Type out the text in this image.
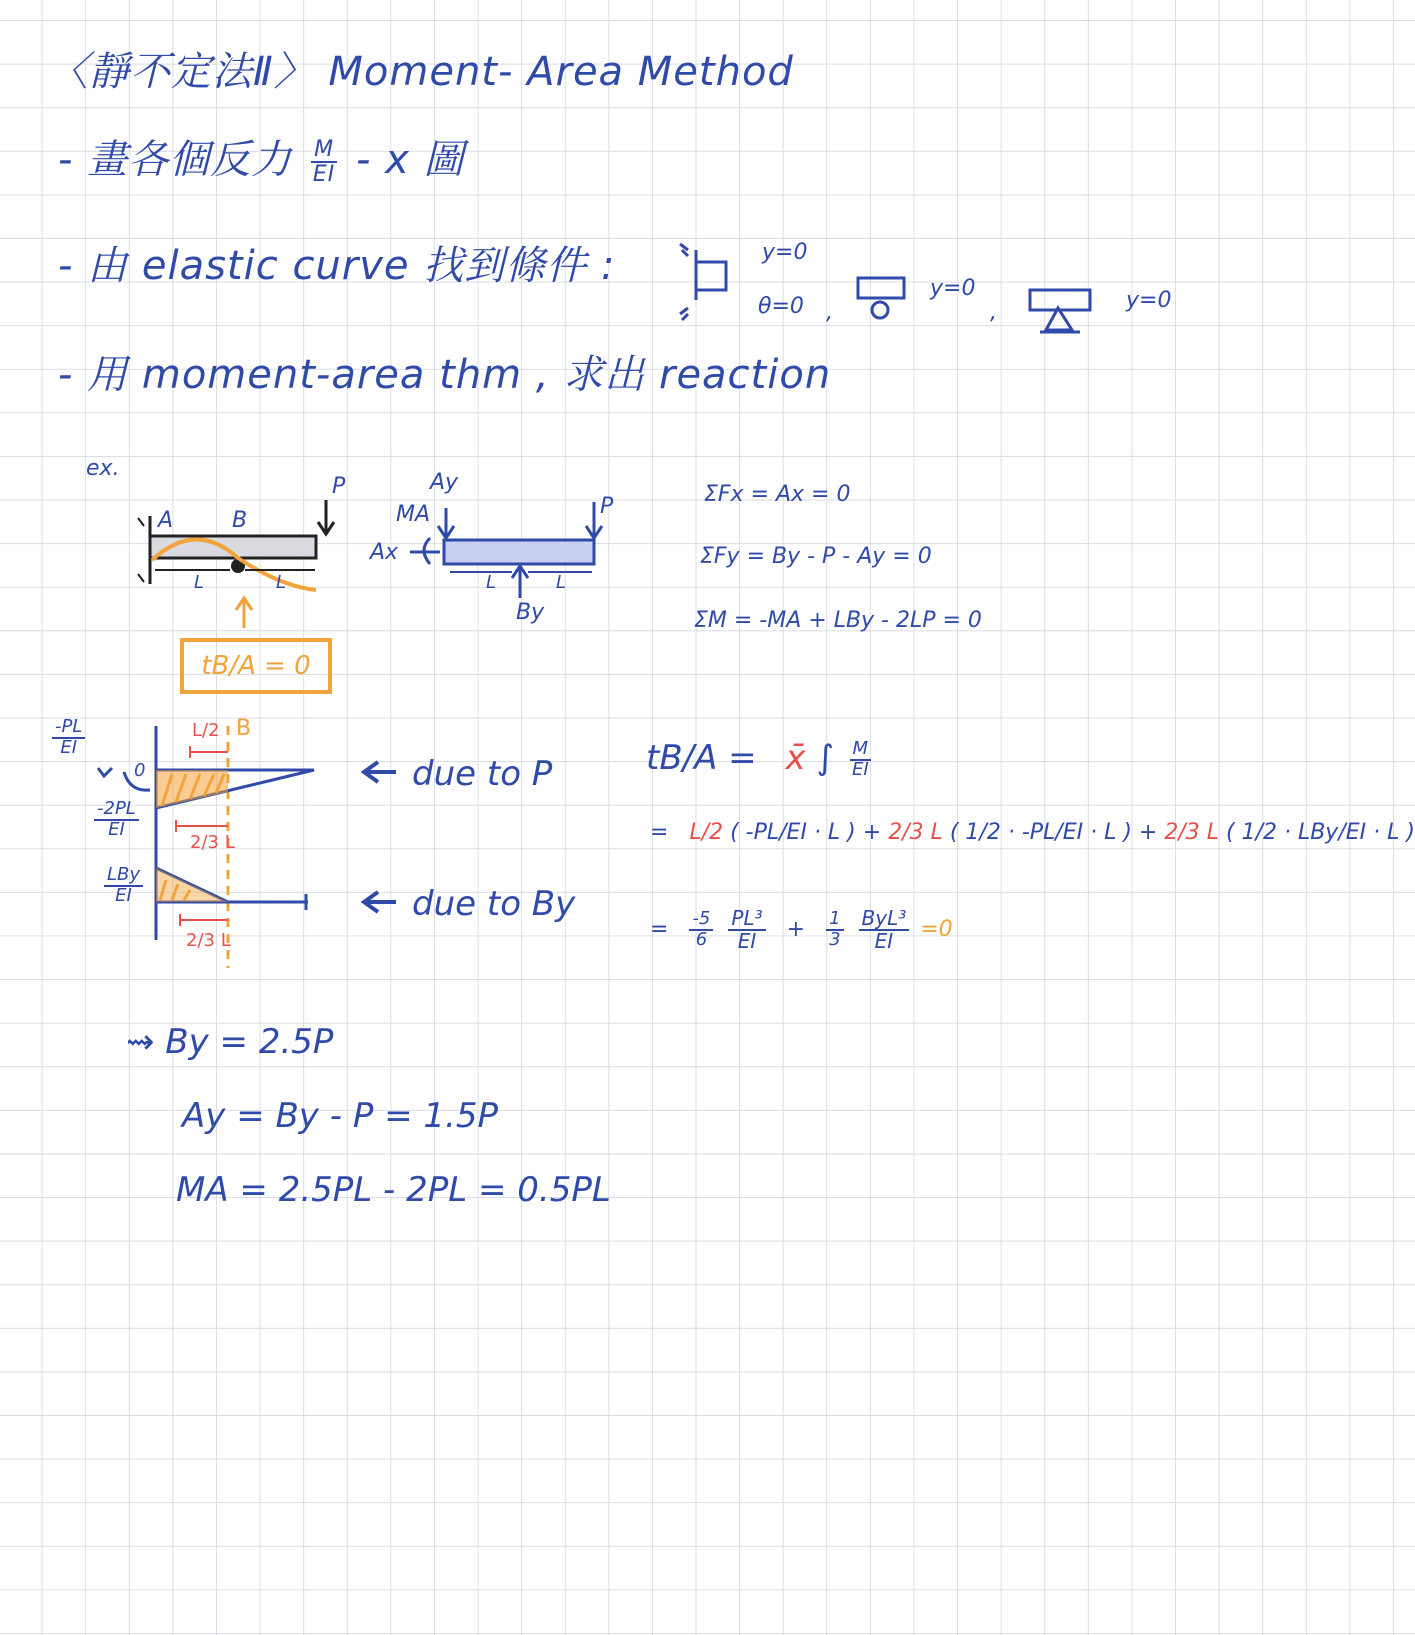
〈靜不定法Ⅱ〉 Moment- Area Method
- 畫各個反力 $\frac{M}{EI}$ - x 圖
- 由 elastic curve 找到條件 :
- 用 moment-area thm , 求出 reaction
y=0
θ=0 ,
y=0
,	y=0
ex.
A	B
P
L	L
tB/A = 0
Ay
MA
Ax
P
By
L	L
ΣFx = Ax = 0
ΣFy = By - P - Ay = 0
ΣM = -MA + LBy - 2LP = 0
L/2 B
$\frac{-PL}{EI}$
0
$\frac{-2PL}{EI}$
2/3 L
$\frac{\text{LBy}}{EI}$
2/3 L
due to P
due to By
tB/A = x̄ ∫ $\frac{M}{EI}$
= L/2 ( -PL/EI · L ) + 2/3 L ( 1/2 · -PL/EI · L ) + 2/3 L ( 1/2 · LBy/EI · L )
= $\frac{-5}{6}$
$\frac{\text{PL³}}{EI} + \frac{1}{3}$
$\frac{\text{ByL³}}{EI} =0$
⇝ By = 2.5P
Ay = By - P = 1.5P
MA = 2.5PL - 2PL = 0.5PL
